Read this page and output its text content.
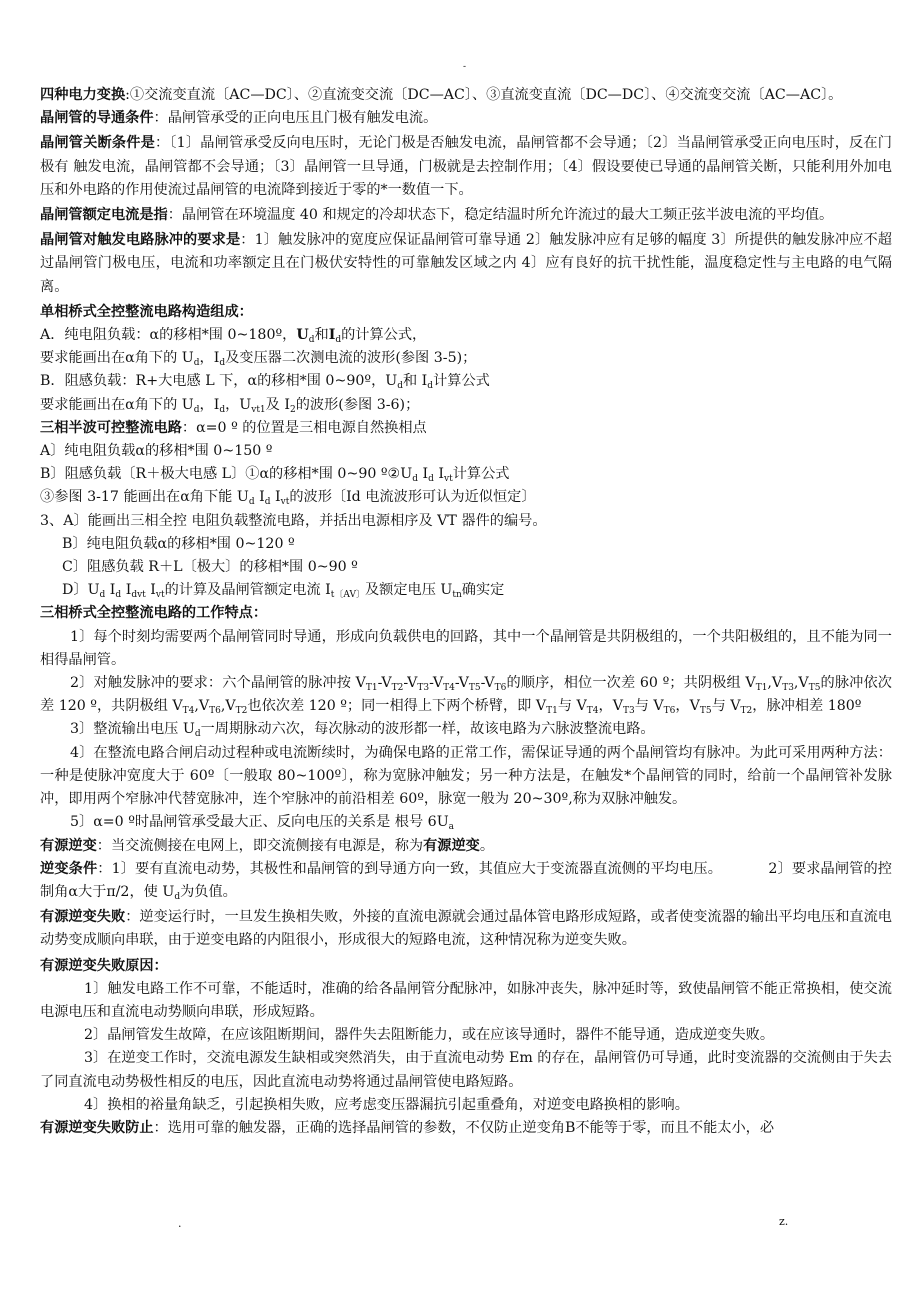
-

四种电力变换:①交流变直流〔AC—DC〕、②直流变交流〔DC—AC〕、③直流变直流〔DC—DC〕、④交流变交流〔AC—AC〕。

晶闸管的导通条件：晶闸管承受的正向电压且门极有触发电流。

晶闸管关断条件是：〔1〕晶闸管承受反向电压时，无论门极是否触发电流，晶闸管都不会导通；〔2〕当晶闸管承受正向电压时，反在门极有 触发电流，晶闸管都不会导通；〔3〕晶闸管一旦导通，门极就是去控制作用；〔4〕假设要使已导通的晶闸管关断，只能利用外加电压和外电路的作用使流过晶闸管的电流降到接近于零的*一数值一下。

晶闸管额定电流是指：晶闸管在环境温度 40 和规定的冷却状态下，稳定结温时所允许流过的最大工频正弦半波电流的平均值。

晶闸管对触发电路脉冲的要求是：1〕触发脉冲的宽度应保证晶闸管可靠导通 2〕触发脉冲应有足够的幅度 3〕所提供的触发脉冲应不超过晶闸管门极电压，电流和功率额定且在门极伏安特性的可靠触发区域之内 4〕应有良好的抗干扰性能，温度稳定性与主电路的电气隔离。

单相桥式全控整流电路构造组成：

A．纯电阻负载：α的移相*围 0~180º，$U_d$和$I_d$的计算公式，

要求能画出在α角下的 $U_d$，$I_d$及变压器二次测电流的波形(参图 3-5)；

B．阻感负载：R+大电感 L 下，α的移相*围 0~90º，$U_d$和 $I_d$计算公式

要求能画出在α角下的 $U_d$，$I_d$，$U_{vt1}$及 $I_2$的波形(参图 3-6)；

三相半波可控整流电路：α=0 º 的位置是三相电源自然换相点

A〕纯电阻负载α的移相*围 0~150 º

B〕阻感负载〔R＋极大电感 L〕①α的移相*围 0~90 $º②U_d$ $I_d$ $I_{vt}$计算公式

③参图 3-17 能画出在α角下能 $U_d$ $I_d$ $I_{vt}$的波形〔Id 电流波形可认为近似恒定〕

3、A〕能画出三相全控 电阻负载整流电路，并括出电源相序及 VT 器件的编号。

B〕纯电阻负载α的移相*围 0~120 º

C〕阻感负载 R＋L〔极大〕的移相*围 0~90 º

D〕$U_d$ $I_d$ $I_{dvt}$ $I_{vt}$的计算及晶闸管额定电流 $I_{t〔AV〕}$及额定电压 $U_{tn}$确实定

三相桥式全控整流电路的工作特点：

1〕每个时刻均需要两个晶闸管同时导通，形成向负载供电的回路，其中一个晶闸管是共阴极组的，一个共阳极组的，且不能为同一相得晶闸管。

2〕对触发脉冲的要求：六个晶闸管的脉冲按 $V_{T1}-V_{T2}-V_{T3}-V_{T4}-V_{T5}-V_{T6}$的顺序，相位一次差 60 º；共阴极组 $V_{T1},V_{T3},V_{T5}$的脉冲依次差 120 º，共阴极组 $V_{T4},V_{T6},V_{T2}$也依次差 120 º；同一相得上下两个桥臂，即 $V_{T1}$与 $V_{T4}$，$V_{T3}$与 $V_{T6}$，$V_{T5}$与 $V_{T2}$，脉冲相差 180º

3〕整流输出电压 $U_d$一周期脉动六次，每次脉动的波形都一样，故该电路为六脉波整流电路。

4〕在整流电路合闸启动过程种或电流断续时，为确保电路的正常工作，需保证导通的两个晶闸管均有脉冲。为此可采用两种方法：一种是使脉冲宽度大于 60º〔一般取 80~100º〕，称为宽脉冲触发；另一种方法是，在触发*个晶闸管的同时，给前一个晶闸管补发脉冲，即用两个窄脉冲代替宽脉冲，连个窄脉冲的前沿相差 60º，脉宽一般为 20~30º,称为双脉冲触发。

5〕α=0 º时晶闸管承受最大正、反向电压的关系是 根号 $6U_a$

有源逆变：当交流侧接在电网上，即交流侧接有电源是，称为有源逆变。

逆变条件：1〕要有直流电动势，其极性和晶闸管的到导通方向一致，其值应大于变流器直流侧的平均电压。	2〕要求晶闸管的控制角α大于π/2，使 $U_d$为负值。

有源逆变失败：逆变运行时，一旦发生换相失败，外接的直流电源就会通过晶体管电路形成短路，或者使变流器的输出平均电压和直流电动势变成顺向串联，由于逆变电路的内阻很小，形成很大的短路电流，这种情况称为逆变失败。

有源逆变失败原因：

1〕触发电路工作不可靠，不能适时，准确的给各晶闸管分配脉冲，如脉冲丧失，脉冲延时等，致使晶闸管不能正常换相，使交流电源电压和直流电动势顺向串联，形成短路。

2〕晶闸管发生故障，在应该阻断期间，器件失去阻断能力，或在应该导通时，器件不能导通，造成逆变失败。

3〕在逆变工作时，交流电源发生缺相或突然消失，由于直流电动势 Em 的存在，晶闸管仍可导通，此时变流器的交流侧由于失去了同直流电动势极性相反的电压，因此直流电动势将通过晶闸管使电路短路。

4〕换相的裕量角缺乏，引起换相失败，应考虑变压器漏抗引起重叠角，对逆变电路换相的影响。

有源逆变失败防止：选用可靠的触发器，正确的选择晶闸管的参数，不仅防止逆变角Β不能等于零，而且不能太小，必

.	z.
